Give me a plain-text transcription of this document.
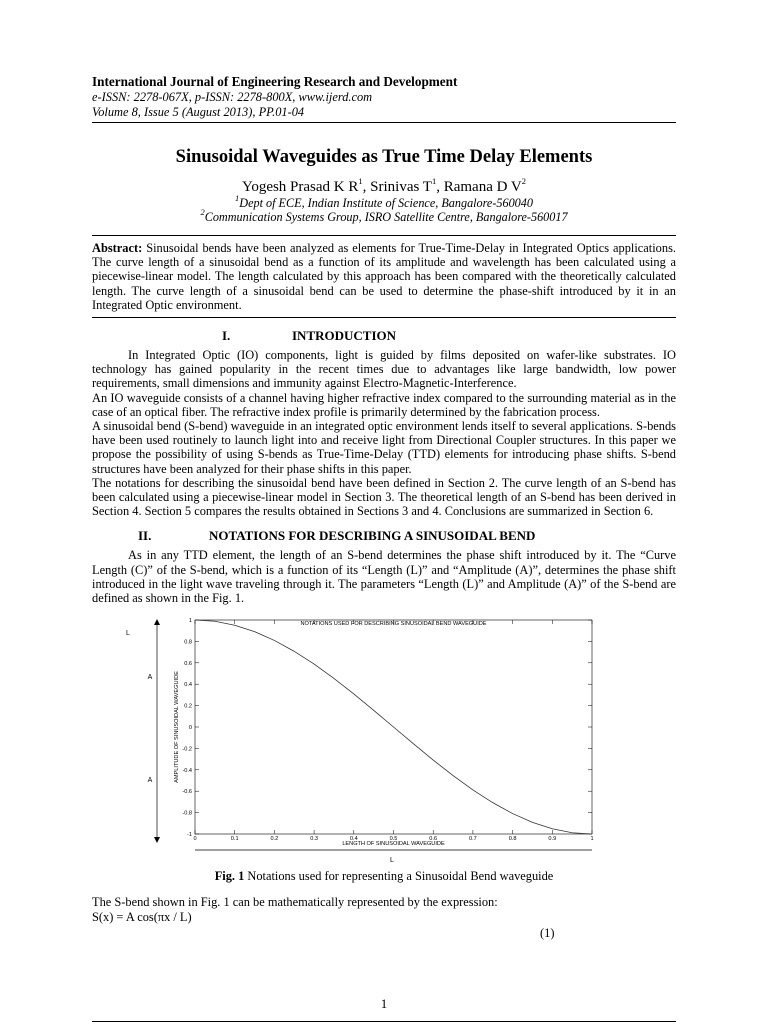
International Journal of Engineering Research and Development
e-ISSN: 2278-067X, p-ISSN: 2278-800X, www.ijerd.com
Volume 8, Issue 5 (August 2013), PP.01-04
Sinusoidal Waveguides as True Time Delay Elements
Yogesh Prasad K $R^1$, Srinivas $T^1$, Ramana D $V^2$
$^1$Dept of ECE, Indian Institute of Science, Bangalore-560040
$^2$Communication Systems Group, ISRO Satellite Centre, Bangalore-560017

Abstract: Sinusoidal bends have been analyzed as elements for True-Time-Delay in Integrated Optics applications. The curve length of a sinusoidal bend as a function of its amplitude and wavelength has been calculated using a piecewise-linear model. The length calculated by this approach has been compared with the theoretically calculated length. The curve length of a sinusoidal bend can be used to determine the phase-shift introduced by it in an Integrated Optic environment.

I.	INTRODUCTION

In Integrated Optic (IO) components, light is guided by films deposited on wafer-like substrates. IO technology has gained popularity in the recent times due to advantages like large bandwidth, low power requirements, small dimensions and immunity against Electro-Magnetic-Interference.

An IO waveguide consists of a channel having higher refractive index compared to the surrounding material as in the case of an optical fiber. The refractive index profile is primarily determined by the fabrication process.

A sinusoidal bend (S-bend) waveguide in an integrated optic environment lends itself to several applications. S-bends have been used routinely to launch light into and receive light from Directional Coupler structures. In this paper we propose the possibility of using S-bends as True-Time-Delay (TTD) elements for introducing phase shifts. S-bend structures have been analyzed for their phase shifts in this paper.

The notations for describing the sinusoidal bend have been defined in Section 2. The curve length of an S-bend has been calculated using a piecewise-linear model in Section 3. The theoretical length of an S-bend has been derived in Section 4. Section 5 compares the results obtained in Sections 3 and 4. Conclusions are summarized in Section 6.

II.	NOTATIONS FOR DESCRIBING A SINUSOIDAL BEND

As in any TTD element, the length of an S-bend determines the phase shift introduced by it. The “Curve Length (C)” of the S-bend, which is a function of its “Length (L)” and “Amplitude (A)”, determines the phase shift introduced in the light wave traveling through it. The parameters “Length (L)” and Amplitude (A)” of the S-bend are defined as shown in the Fig. 1.

L
A
A
NOTATIONS USED FOR DESCRIBING SINUSOIDAL BEND WAVEGUIDE
0	0.1	0.2	0.3	0.4	0.5	0.6	0.7	0.8	0.9	1
1
0.8
0.6
0.4
0.2
0
-0.2
-0.4
-0.6
-0.8
-1
LENGTH OF SINUSOIDAL WAVEGUIDE
AMPLITUDE OF SINUSOIDAL WAVEGUIDE
L
Fig. 1 Notations used for representing a Sinusoidal Bend waveguide

The S-bend shown in Fig. 1 can be mathematically represented by the expression:

S(x) = A cos(πx / L)

(1)
1
